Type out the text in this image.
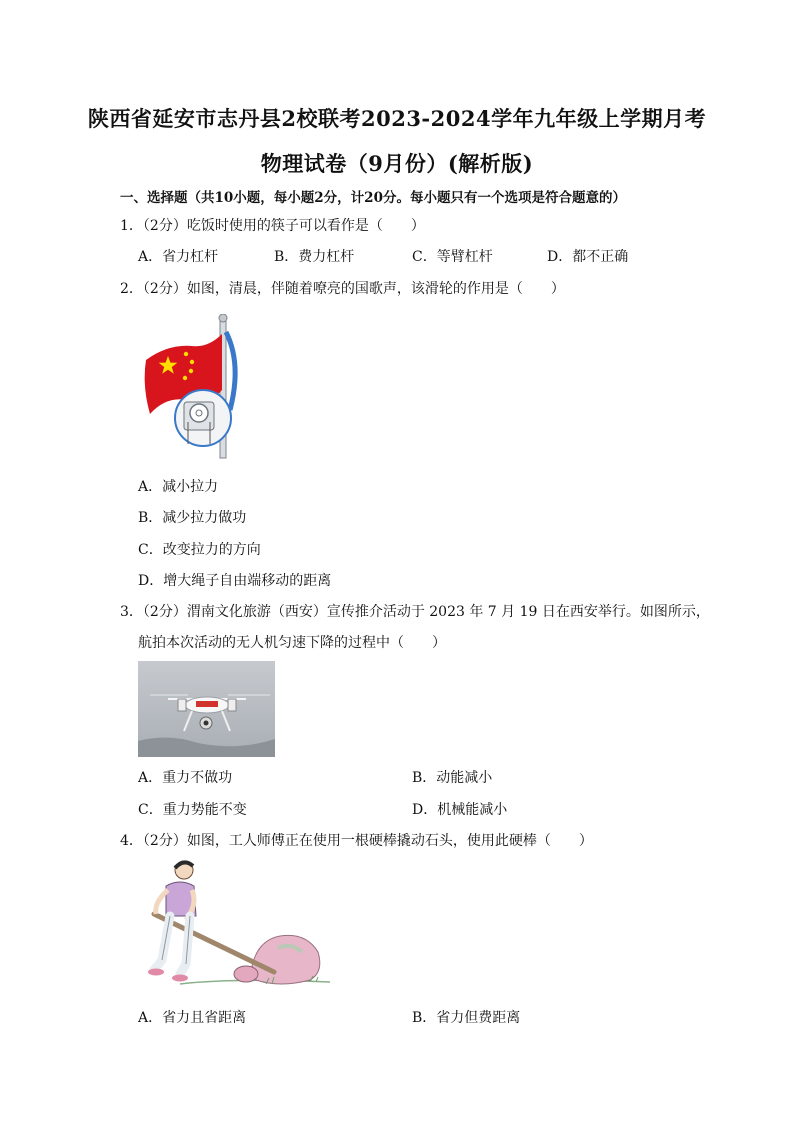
陕西省延安市志丹县2校联考2023-2024学年九年级上学期月考
物理试卷（9月份）(解析版)
一、选择题（共10小题，每小题2分，计20分。每小题只有一个选项是符合题意的）
1．（2分）吃饭时使用的筷子可以看作是（　　）
A．省力杠杆	B．费力杠杆	C．等臂杠杆	D．都不正确
2．（2分）如图，清晨，伴随着嘹亮的国歌声，该滑轮的作用是（　　）
A．减小拉力
B．减少拉力做功
C．改变拉力的方向
D．增大绳子自由端移动的距离
3．（2分）渭南文化旅游（西安）宣传推介活动于 2023 年 7 月 19 日在西安举行。如图所示，
航拍本次活动的无人机匀速下降的过程中（　　）
A．重力不做功	B．动能减小
C．重力势能不变	D．机械能减小
4．（2分）如图，工人师傅正在使用一根硬棒撬动石头，使用此硬棒（　　）
A．省力且省距离	B．省力但费距离
